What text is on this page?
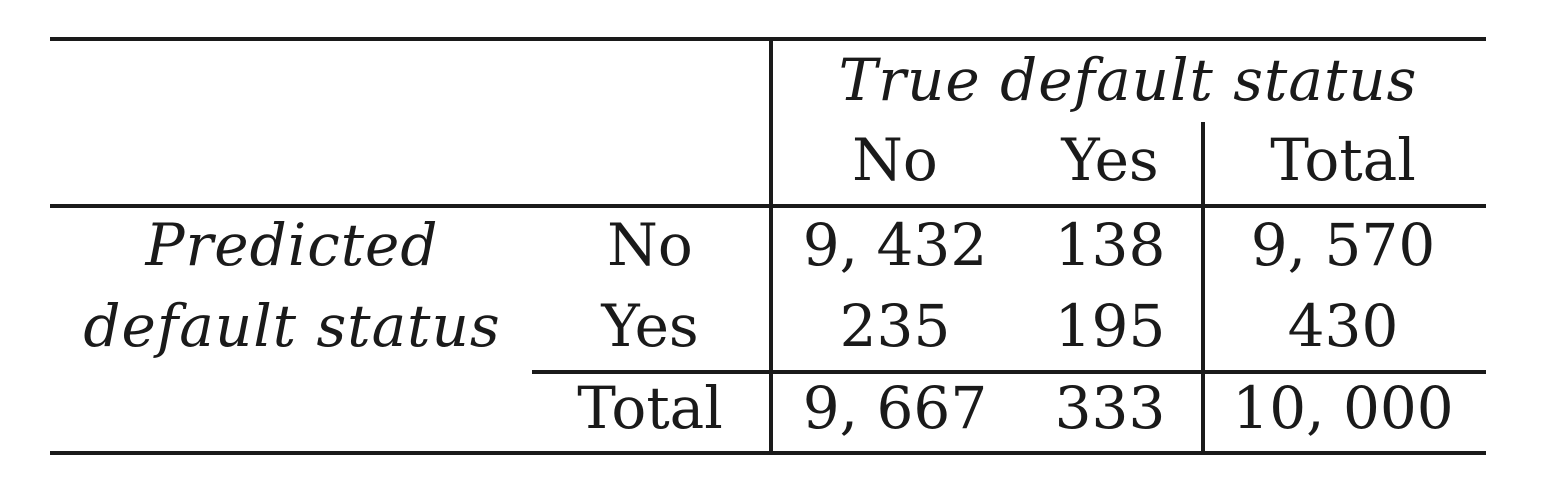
True default status
No Yes Total
Predicted
default status
No 9, 432 138 9, 570
Yes 235 195 430
Total 9, 667 333 10, 000
